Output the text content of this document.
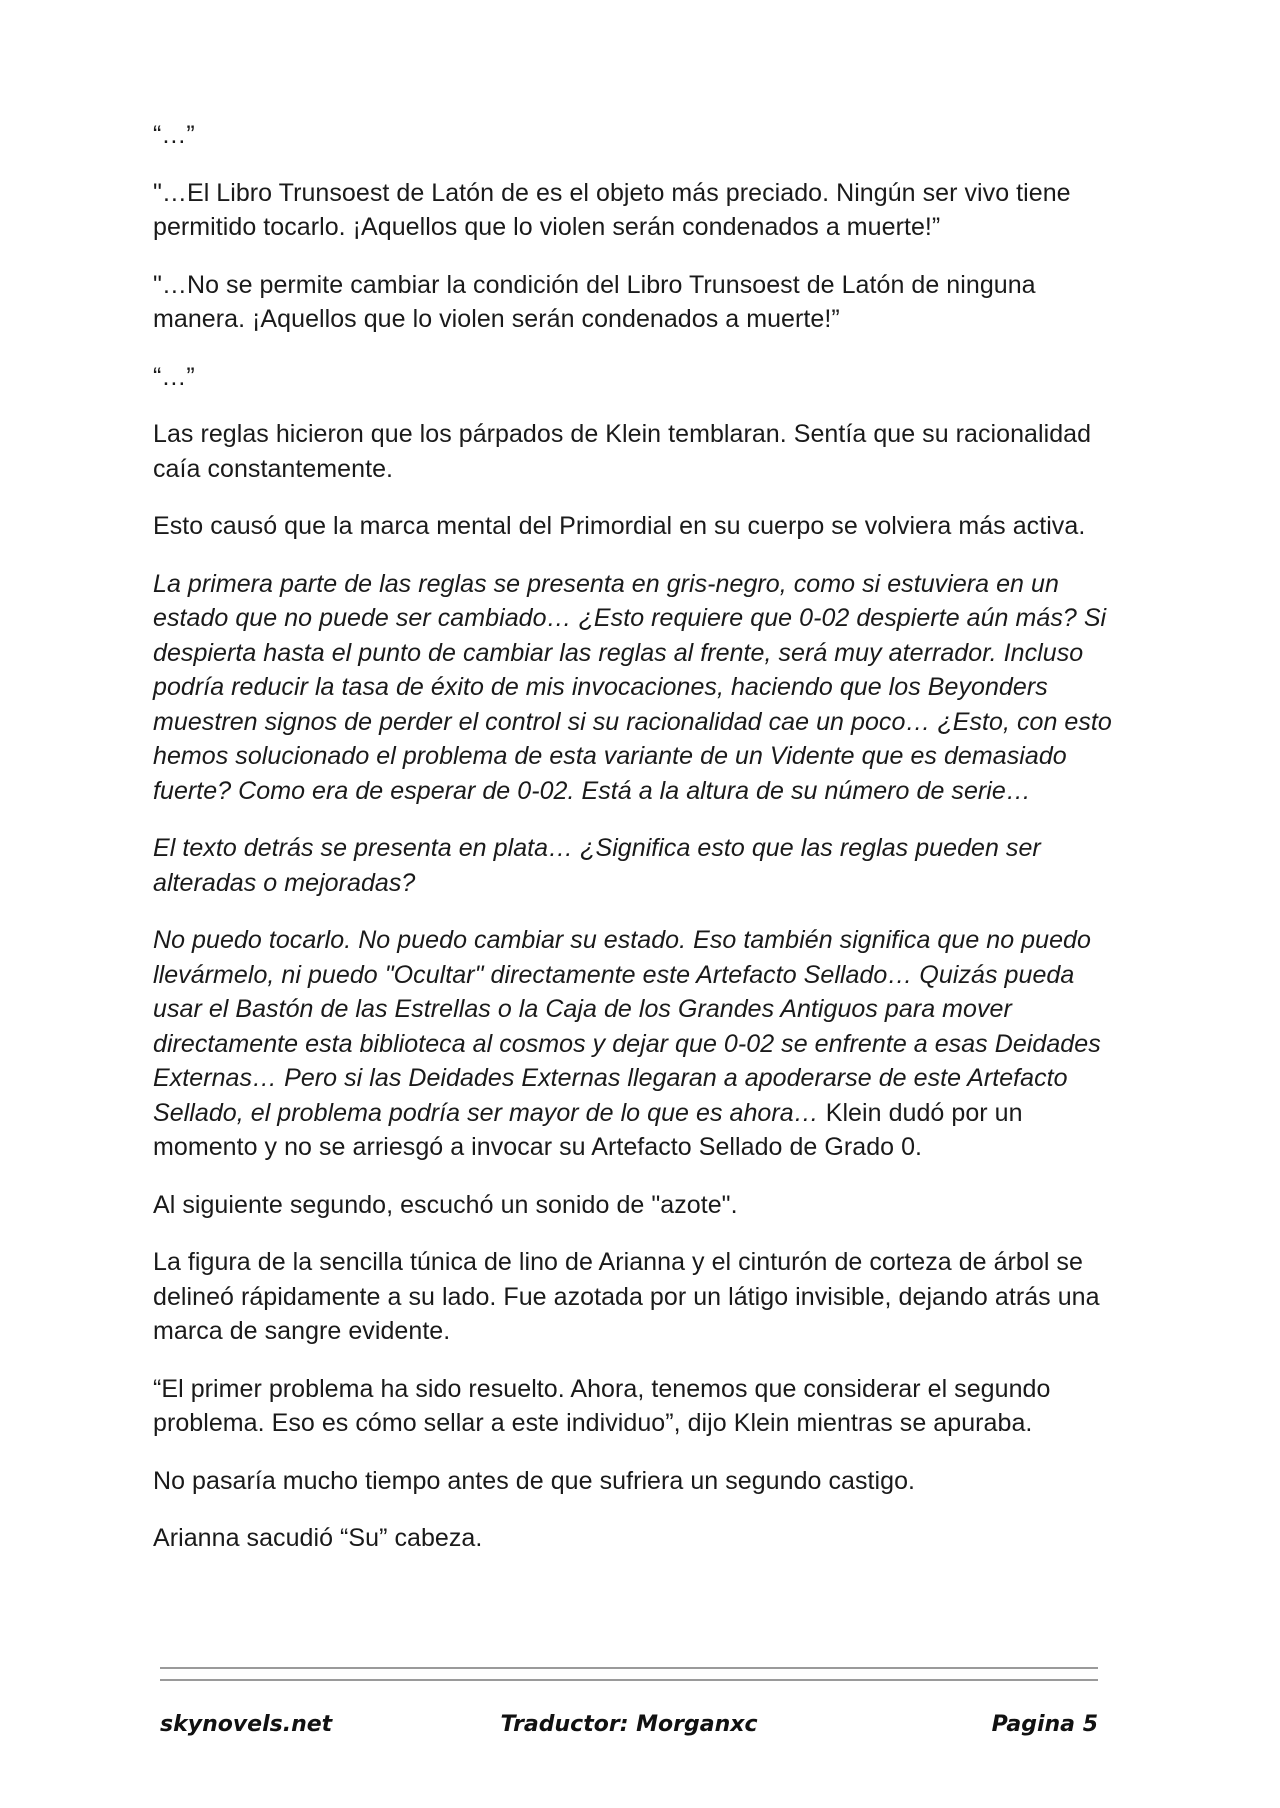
“…”

"…El Libro Trunsoest de Latón de es el objeto más preciado. Ningún ser vivo tiene permitido tocarlo. ¡Aquellos que lo violen serán condenados a muerte!”

"…No se permite cambiar la condición del Libro Trunsoest de Latón de ninguna manera. ¡Aquellos que lo violen serán condenados a muerte!”

“…”

Las reglas hicieron que los párpados de Klein temblaran. Sentía que su racionalidad caía constantemente.

Esto causó que la marca mental del Primordial en su cuerpo se volviera más activa.

La primera parte de las reglas se presenta en gris-negro, como si estuviera en un estado que no puede ser cambiado… ¿Esto requiere que 0-02 despierte aún más? Si despierta hasta el punto de cambiar las reglas al frente, será muy aterrador. Incluso podría reducir la tasa de éxito de mis invocaciones, haciendo que los Beyonders muestren signos de perder el control si su racionalidad cae un poco… ¿Esto, con esto hemos solucionado el problema de esta variante de un Vidente que es demasiado fuerte? Como era de esperar de 0-02. Está a la altura de su número de serie…

El texto detrás se presenta en plata… ¿Significa esto que las reglas pueden ser alteradas o mejoradas?

No puedo tocarlo. No puedo cambiar su estado. Eso también significa que no puedo llevármelo, ni puedo "Ocultar" directamente este Artefacto Sellado… Quizás pueda usar el Bastón de las Estrellas o la Caja de los Grandes Antiguos para mover directamente esta biblioteca al cosmos y dejar que 0-02 se enfrente a esas Deidades Externas… Pero si las Deidades Externas llegaran a apoderarse de este Artefacto Sellado, el problema podría ser mayor de lo que es ahora… Klein dudó por un momento y no se arriesgó a invocar su Artefacto Sellado de Grado 0.

Al siguiente segundo, escuchó un sonido de "azote".

La figura de la sencilla túnica de lino de Arianna y el cinturón de corteza de árbol se delineó rápidamente a su lado. Fue azotada por un látigo invisible, dejando atrás una marca de sangre evidente.

“El primer problema ha sido resuelto. Ahora, tenemos que considerar el segundo problema. Eso es cómo sellar a este individuo”, dijo Klein mientras se apuraba.

No pasaría mucho tiempo antes de que sufriera un segundo castigo.

Arianna sacudió “Su” cabeza.

skynovels.net	Traductor: Morganxc	Pagina 5
